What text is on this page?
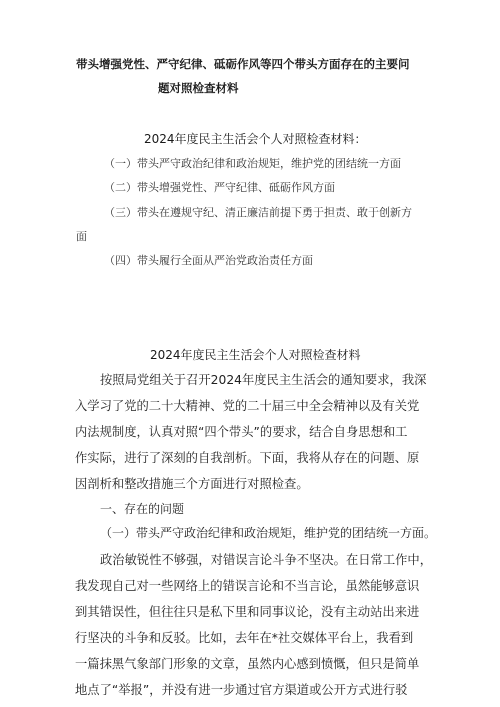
带头增强党性、严守纪律、砥砺作风等四个带头方面存在的主要问
题对照检查材料
2024年度民主生活会个人对照检查材料：
（一）带头严守政治纪律和政治规矩，维护党的团结统一方面
（二）带头增强党性、严守纪律、砥砺作风方面
（三）带头在遵规守纪、清正廉洁前提下勇于担责、敢于创新方
面
（四）带头履行全面从严治党政治责任方面
2024年度民主生活会个人对照检查材料
按照局党组关于召开2024年度民主生活会的通知要求，我深
入学习了党的二十大精神、党的二十届三中全会精神以及有关党
内法规制度，认真对照“四个带头”的要求，结合自身思想和工
作实际，进行了深刻的自我剖析。下面，我将从存在的问题、原
因剖析和整改措施三个方面进行对照检查。
一、存在的问题
（一）带头严守政治纪律和政治规矩，维护党的团结统一方面。
政治敏锐性不够强，对错误言论斗争不坚决。在日常工作中，
我发现自己对一些网络上的错误言论和不当言论，虽然能够意识
到其错误性，但往往只是私下里和同事议论，没有主动站出来进
行坚决的斗争和反驳。比如，去年在*社交媒体平台上，我看到
一篇抹黑气象部门形象的文章，虽然内心感到愤慨，但只是简单
地点了“举报”，并没有进一步通过官方渠道或公开方式进行驳
